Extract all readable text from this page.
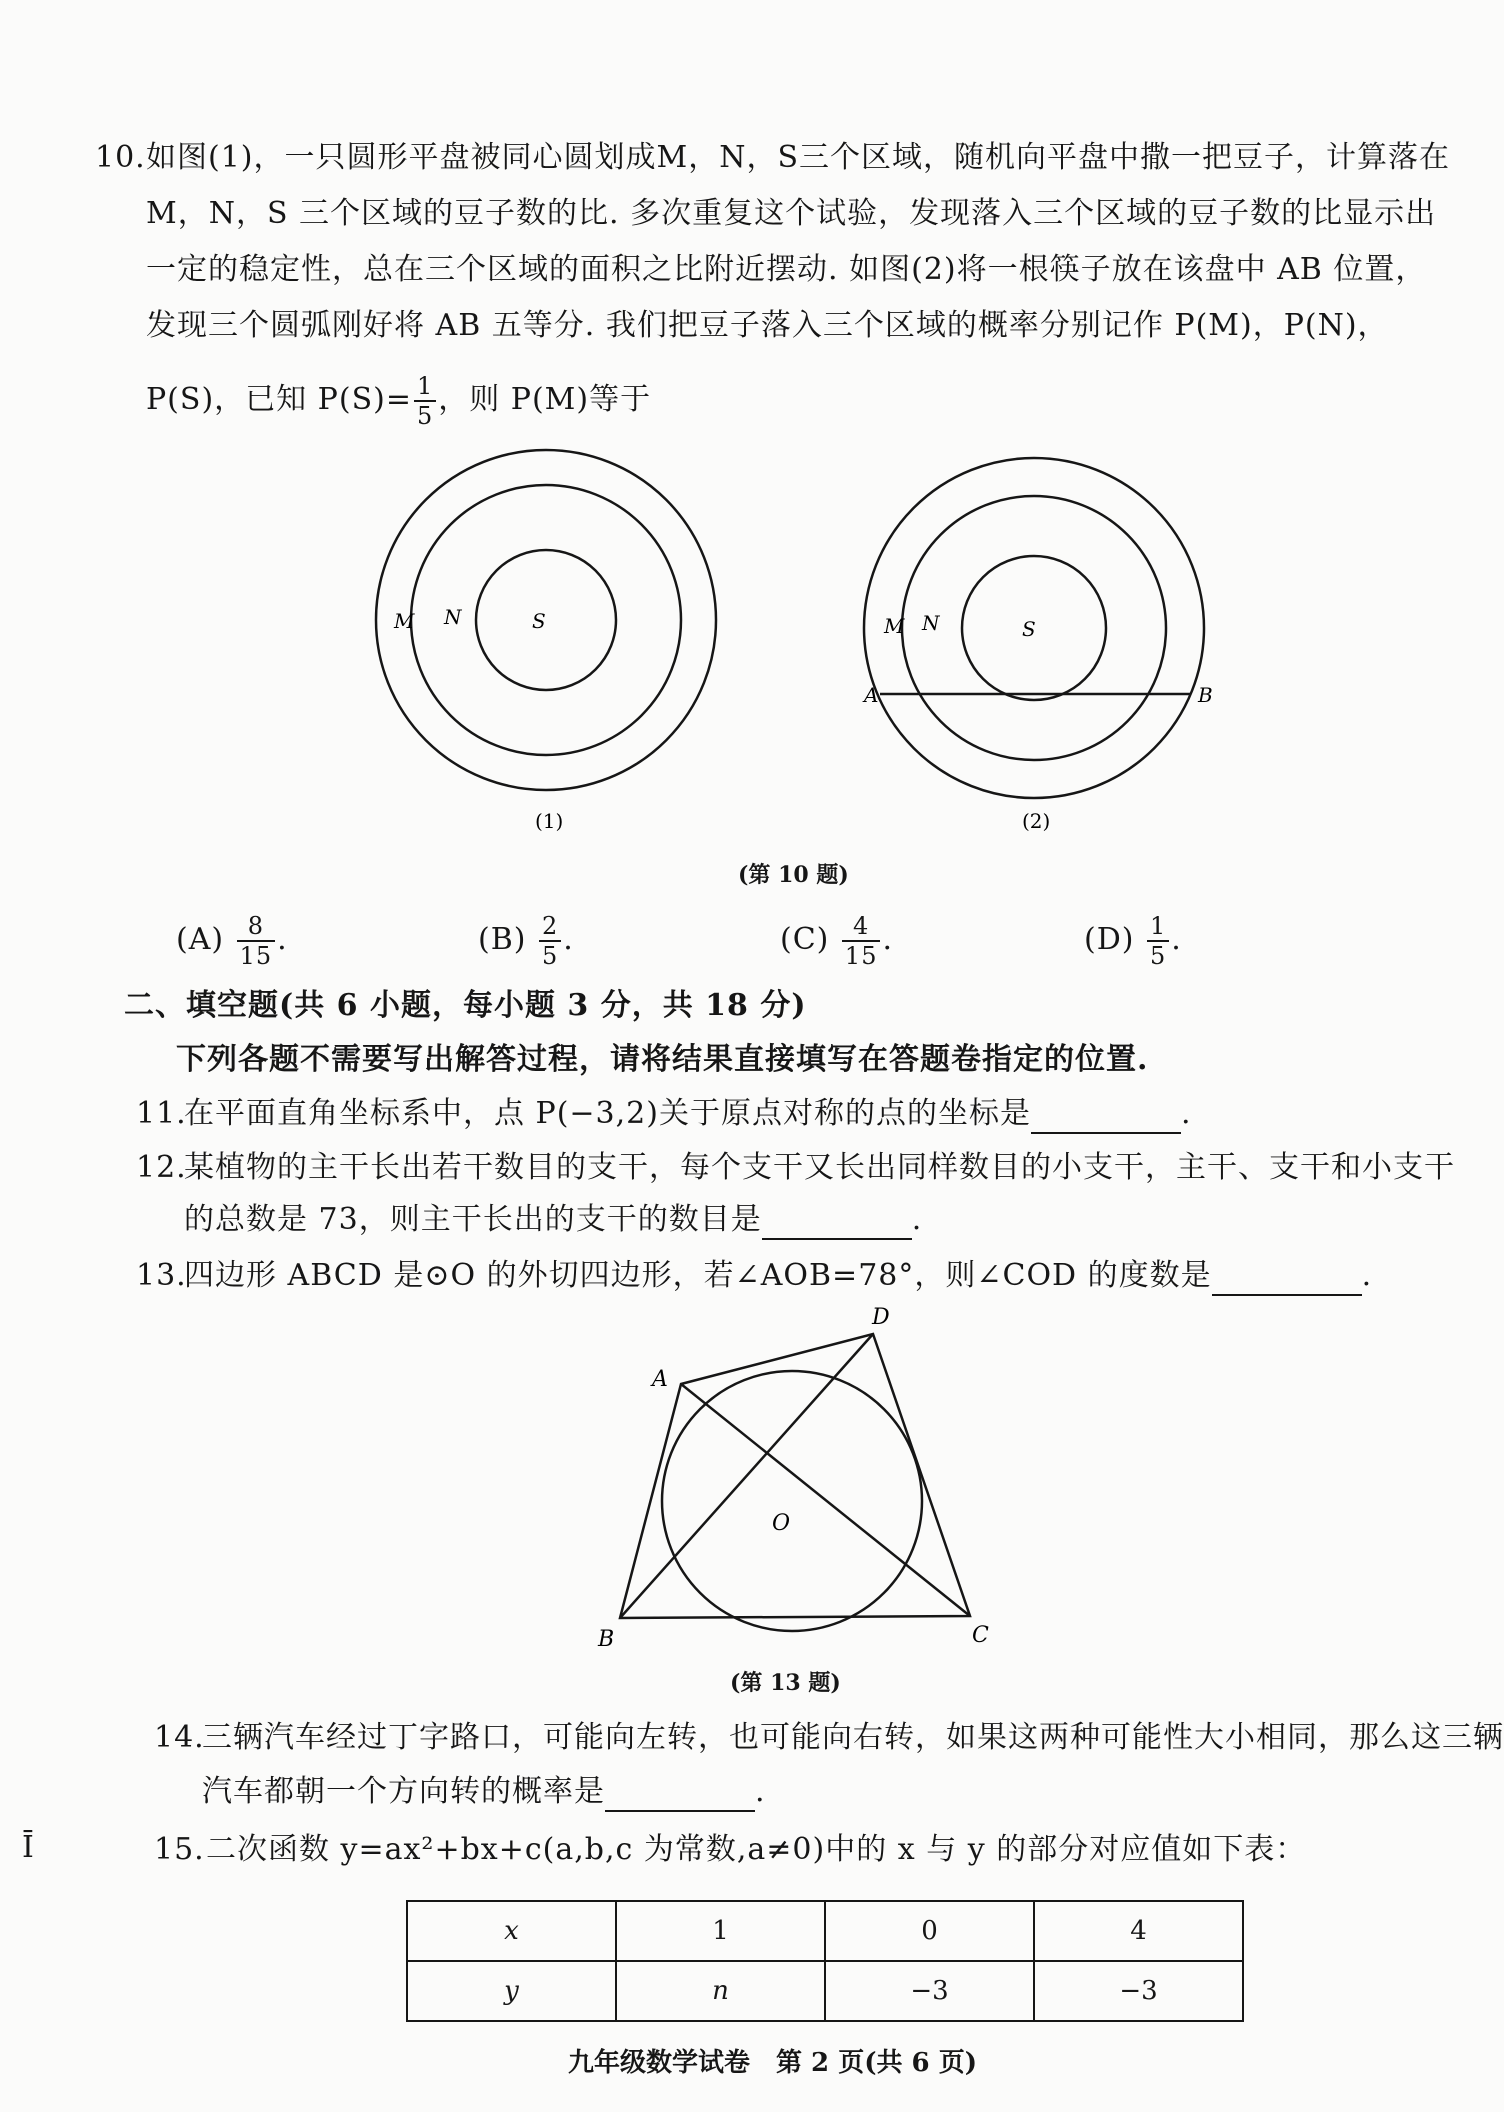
10. 如图(1)，一只圆形平盘被同心圆划成M，N，S三个区域，随机向平盘中撒一把豆子，计算落在
M，N，S 三个区域的豆子数的比. 多次重复这个试验，发现落入三个区域的豆子数的比显示出
一定的稳定性，总在三个区域的面积之比附近摆动. 如图(2)将一根筷子放在该盘中 AB 位置，
发现三个圆弧刚好将 AB 五等分. 我们把豆子落入三个区域的概率分别记作 P(M)，P(N)，
P(S)，已知 $P(S)= \frac{1}{5}$ ，则 P(M)等于
M N	S
(1)
M N	S
A	B
(2)
(第 10 题)
$(A) \frac{8}{15}$ .	$(B) \frac{2}{5}$ .	$(C) \frac{4}{15}$ .	$(D) \frac{1}{5}$ .
二、填空题(共 6 小题，每小题 3 分，共 18 分)
下列各题不需要写出解答过程，请将结果直接填写在答题卷指定的位置.
11.
在平面直角坐标系中，点 P(−3,2)关于原点对称的点的坐标是	.
12.
某植物的主干长出若干数目的支干，每个支干又长出同样数目的小支干，主干、支干和小支干
的总数是 73，则主干长出的支干的数目是	.
13.
四边形 ABCD 是⊙O 的外切四边形，若∠AOB=78°，则∠COD 的度数是	.
A
D
O
B	C
(第 13 题)
14.
三辆汽车经过丁字路口，可能向左转，也可能向右转，如果这两种可能性大小相同，那么这三辆
汽车都朝一个方向转的概率是	.
Ī	15. 二次函数 y=ax²+bx+c(a,b,c 为常数,a≠0)中的 x 与 y 的部分对应值如下表：
x	1	0	4
y	n	−3	−3
九年级数学试卷　第 2 页(共 6 页)
